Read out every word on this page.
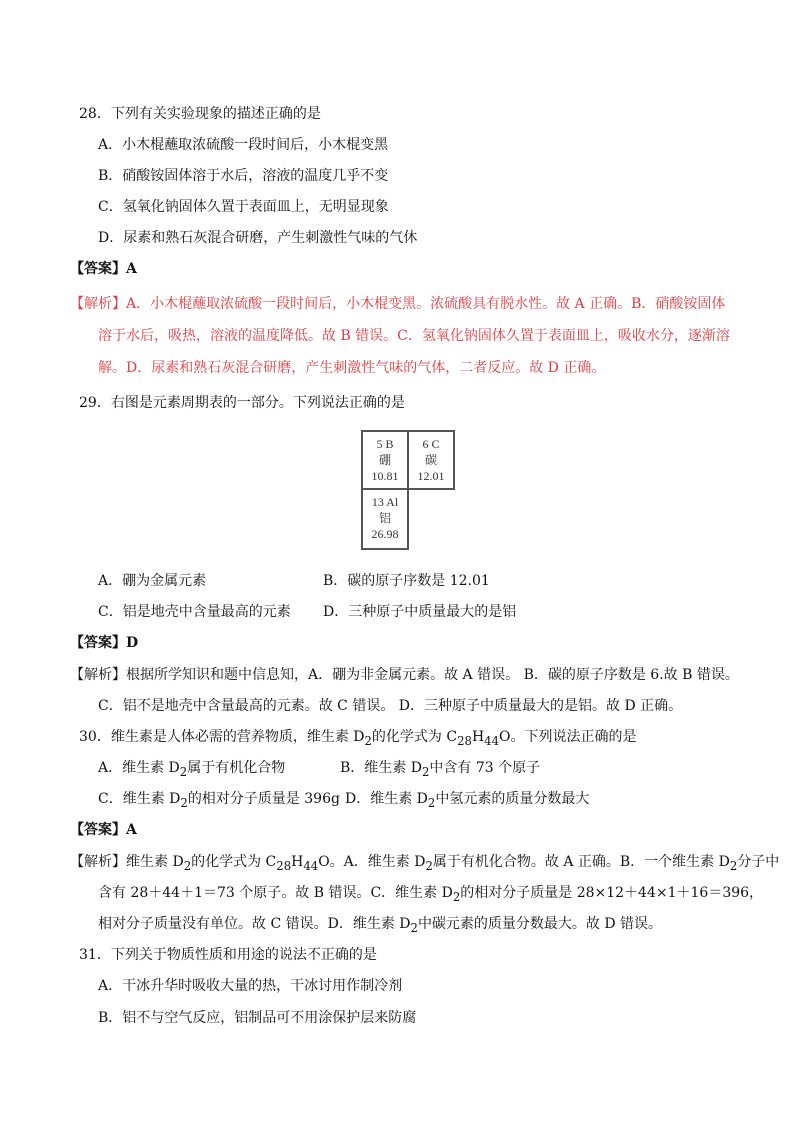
28．下列有关实验现象的描述正确的是
A．小木棍蘸取浓硫酸一段时间后，小木棍变黑
B．硝酸铵固体溶于水后，溶液的温度几乎不变
C．氢氧化钠固体久置于表面皿上，无明显现象
D．尿素和熟石灰混合研磨，产生刺激性气味的气休
【答案】A
【解析】A．小木棍蘸取浓硫酸一段时间后，小木棍变黑。浓硫酸具有脱水性。故 A 正确。B．硝酸铵固体
溶于水后，吸热，溶液的温度降低。故 B 错误。C．氢氧化钠固体久置于表面皿上，吸收水分，逐渐溶
解。D．尿素和熟石灰混合研磨，产生刺激性气味的气体，二者反应。故 D 正确。
29．右图是元素周期表的一部分。下列说法正确的是
5 B
硼
10.81
6 C
碳
12.01
13 Al
铝
26.98
A．硼为金属元素	B．碳的原子序数是 12.01
C．铝是地壳中含量最高的元素 D．三种原子中质量最大的是铝
【答案】D
【解析】根据所学知识和题中信息知，A．硼为非金属元素。故 A 错误。 B．碳的原子序数是 6.故 B 错误。
C．铝不是地壳中含量最高的元素。故 C 错误。 D．三种原子中质量最大的是铝。故 D 正确。
30．维生素是人体必需的营养物质，维生素 $D_2$的化学式为 $C_{28}H_{44}O$。下列说法正确的是
A．维生素 $D_2$属于有机化合物	B．维生素 $D_2$中含有 73 个原子
C．维生素 $D_2$的相对分子质量是 396g D．维生素 $D_2$中氢元素的质量分数最大
【答案】A
【解析】维生素 $D_2$的化学式为 $C_{28}H_{44}O$。A．维生素 $D_2$属于有机化合物。故 A 正确。B．一个维生素 $D_2$分子中
含有 28＋44＋1＝73 个原子。故 B 错误。C．维生素 $D_2$的相对分子质量是 28×12＋44×1＋16＝396，
相对分子质量没有单位。故 C 错误。D．维生素 $D_2$中碳元素的质量分数最大。故 D 错误。
31．下列关于物质性质和用途的说法不正确的是
A．干冰升华时吸收大量的热，干冰讨用作制冷剂
B．铝不与空气反应，铝制品可不用涂保护层来防腐
